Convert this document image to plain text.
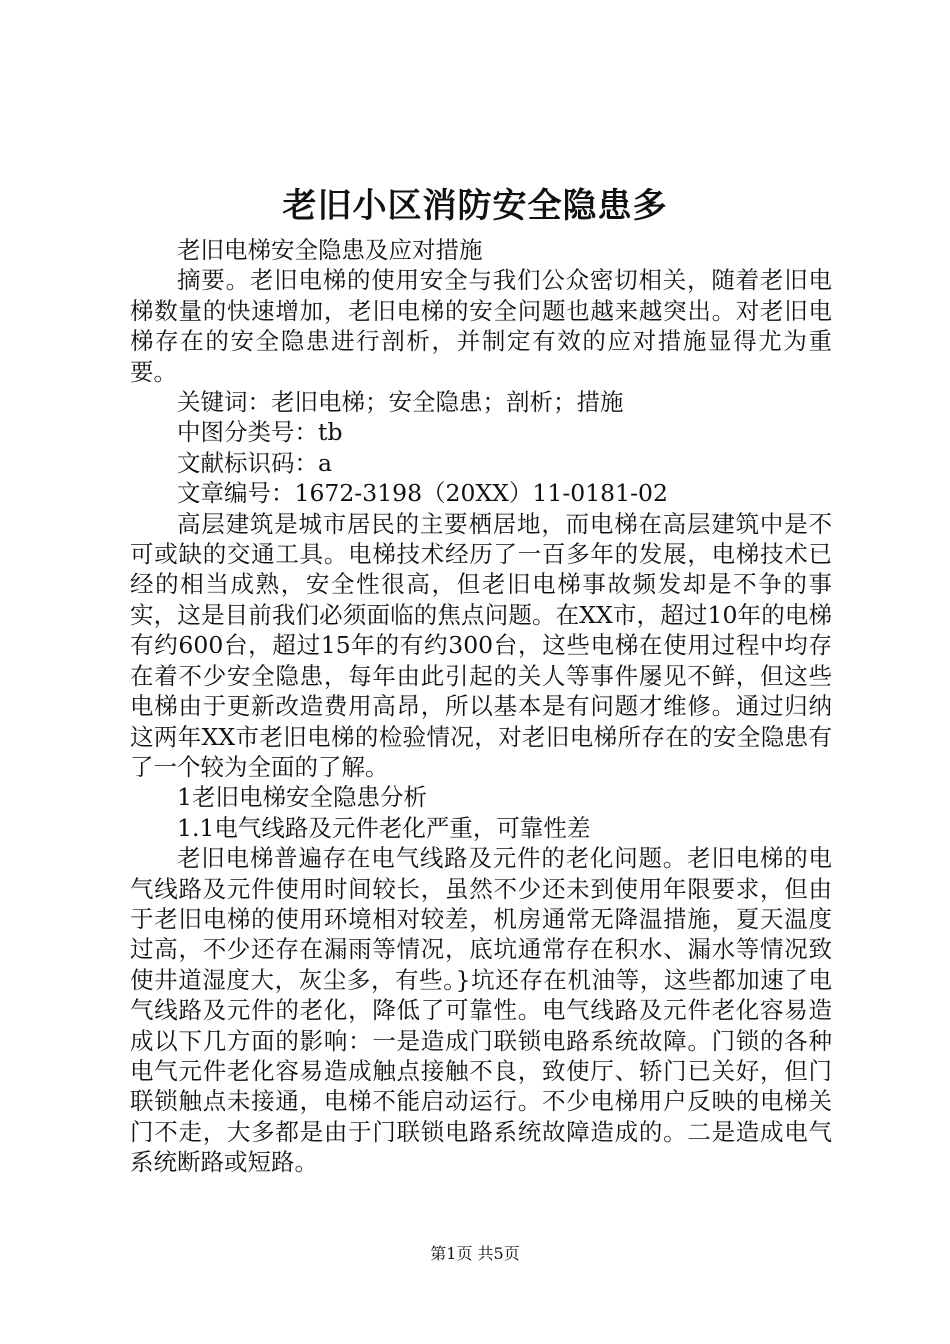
老旧小区消防安全隐患多

老旧电梯安全隐患及应对措施

摘要。老旧电梯的使用安全与我们公众密切相关，随着老旧电梯数量的快速增加，老旧电梯的安全问题也越来越突出。对老旧电梯存在的安全隐患进行剖析，并制定有效的应对措施显得尤为重要。

关键词：老旧电梯；安全隐患；剖析；措施

中图分类号：tb

文献标识码：a

文章编号：1672-3198（20XX）11-0181-02

高层建筑是城市居民的主要栖居地，而电梯在高层建筑中是不可或缺的交通工具。电梯技术经历了一百多年的发展，电梯技术已经的相当成熟，安全性很高，但老旧电梯事故频发却是不争的事实，这是目前我们必须面临的焦点问题。在XX市，超过10年的电梯有约600台，超过15年的有约300台，这些电梯在使用过程中均存在着不少安全隐患，每年由此引起的关人等事件屡见不鲜，但这些电梯由于更新改造费用高昂，所以基本是有问题才维修。通过归纳这两年XX市老旧电梯的检验情况，对老旧电梯所存在的安全隐患有了一个较为全面的了解。

1老旧电梯安全隐患分析

1.1电气线路及元件老化严重，可靠性差

老旧电梯普遍存在电气线路及元件的老化问题。老旧电梯的电气线路及元件使用时间较长，虽然不少还未到使用年限要求，但由于老旧电梯的使用环境相对较差，机房通常无降温措施，夏天温度过高，不少还存在漏雨等情况，底坑通常存在积水、漏水等情况致使井道湿度大，灰尘多，有些。}坑还存在机油等，这些都加速了电气线路及元件的老化，降低了可靠性。电气线路及元件老化容易造成以下几方面的影响：一是造成门联锁电路系统故障。门锁的各种电气元件老化容易造成触点接触不良，致使厅、轿门已关好，但门联锁触点未接通，电梯不能启动运行。不少电梯用户反映的电梯关门不走，大多都是由于门联锁电路系统故障造成的。二是造成电气系统断路或短路。

第1页 共5页
